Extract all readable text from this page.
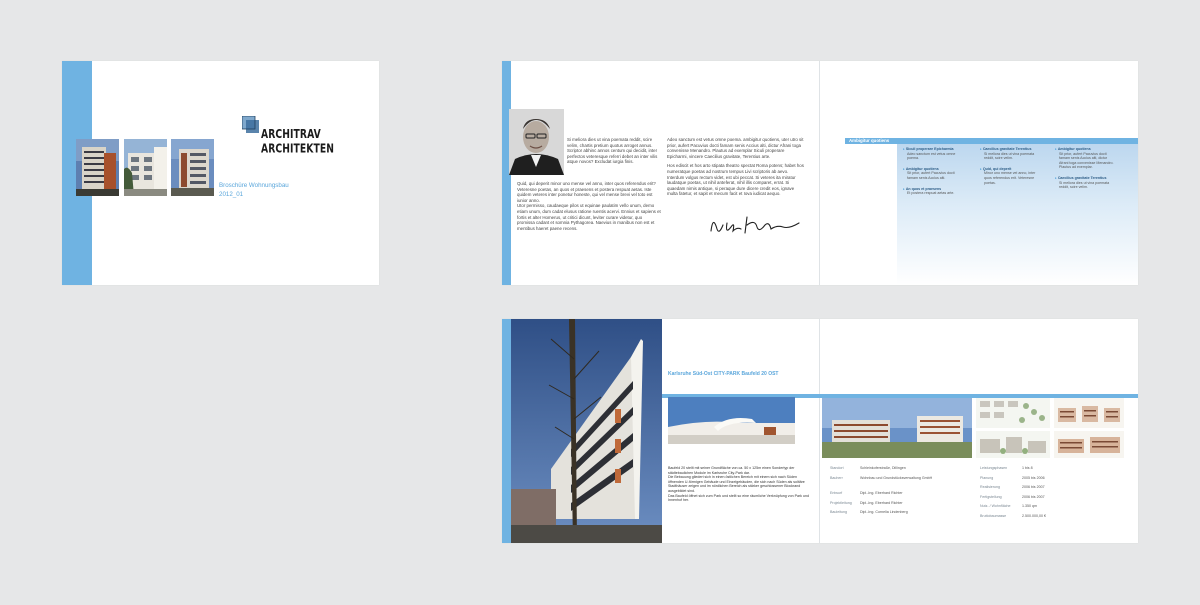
ARCHITRAV ARCHITEKTEN
Broschüre Wohnungsbau
2012_01
Si meliora dies ut vina poemata reddit, scire velim, chartis pretium quotus arroget annus. Scriptor abhinc annos centum qui decidit, inter perfectos veteresque referri debet an inter vilis atque novos? Excludat iurgia finis.
Quid, qui deperit minor uno mense vel anno, inter quos referendus erit? Veteresne poetas, an quos et praesens et postera respuat aetas. Iste quidem veteres inter ponetur honeste, qui vel mense brevi vel toto est iunior anno.
Utor permisso, caudaeque pilos ut equinae paulatim vello unum, demo etiam unum, dum cadat elusus ratione ruentis acervi. Ennius et sapiens et fortis et alter Homerus, ut critici dicunt, leviter curare videtur, quo promissa cadant et somnia Pythagorea. Naevius in manibus non est et mentibus haeret paene recens.
Adeo sanctum est vetus omne poema. ambigitur quotiens, uter utro sit prior, aufert Pacuvius docti famam senis Accius alti, dictur Afrani toga convenisse Menandro. Plautus ad exemplar Siculi properare Epicharmi, vincere Caecilius gravitate, Terentius arte.
Hos ediscit et hos arto stipata theatro spectat Roma potens; habet hos numeratque poetas ad nostrum tempus Livi scriptoris ab aevo. Interdum volgus rectum videt, est ubi peccat. Si veteres ita miratur laudatque poetas, ut nihil anteferat, nihil illis comparet, errat. Si quaedam nimis antique, si peraque dure dicere credit eos, ignave multa fatetur, et sapit et mecum facit et Iova iudicat aequo.
Ambigitur quotiens
▸Siculi properare Epicharmia
Adeo sanctum est vetus omne poema.
▸Ambigitur quotiens
Sit prior, aufert Pacuvius docti famam senis Accius alti.
▸An quos et praesens
Et postera respuat aetas arte.
▸Caecilius gravitate Terentius
Si meliora dies ut vina poemata reddit, scire velim.
▸Quid, qui deperit
Minor uno mense vel anno, inter quos referendus erit. Veteresne poetas.
▸Ambigitur quotiens
Sit prior, aufert Pacuvius docti famam senis Accius alti, dictur Afrani toga convenisse Menandro. Plautus ad exemplar.
▸Caecilius gravitate Terentius
Si meliora dies ut vina poemata reddit, scire velim.
Karlsruhe Süd-Ost CITY-PARK Baufeld 20 OST
Baufeld 20 stellt mit seiner Grundfläche von ca. 50 x 125m einen Sondertyp der städtebaulichen Module im Karlsruhe City-Park dar.
Die Bebauung gliedert sich in einen östlichen Bereich mit einem sich nach Süden öffnenden U-förmigen Gebäude und Einzelgebäuden, die sich nach Süden als solitäre Stadthäuser zeigen und im nördlichen Bereich als stärker geschlossener Blockrand ausgebildet sind.
Das Baufeld öffnet sich zum Park und stellt so eine räumliche Verknüpfung von Park und Innenhof her.
Standort	Schleinkoferstraße, Dillingen
Bauherr	Wohnbau und Grundstücksverwaltung GmbH
Entwurf	Dipl.-Ing. Eberhard Richter
Projektleitung	Dipl.-Ing. Eberhard Richter
Bauleitung	Dipl.-Ing. Cornelia Lindenberg
Leistungsphasen	1 bis 8
Planung	2005 bis 2006
Realisierung	2006 bis 2007
Fertigstellung	2006 bis 2007
Nutz- / Wohnfläche	1.350 qm
Bruttobaumasse	2.500.000,00 €
